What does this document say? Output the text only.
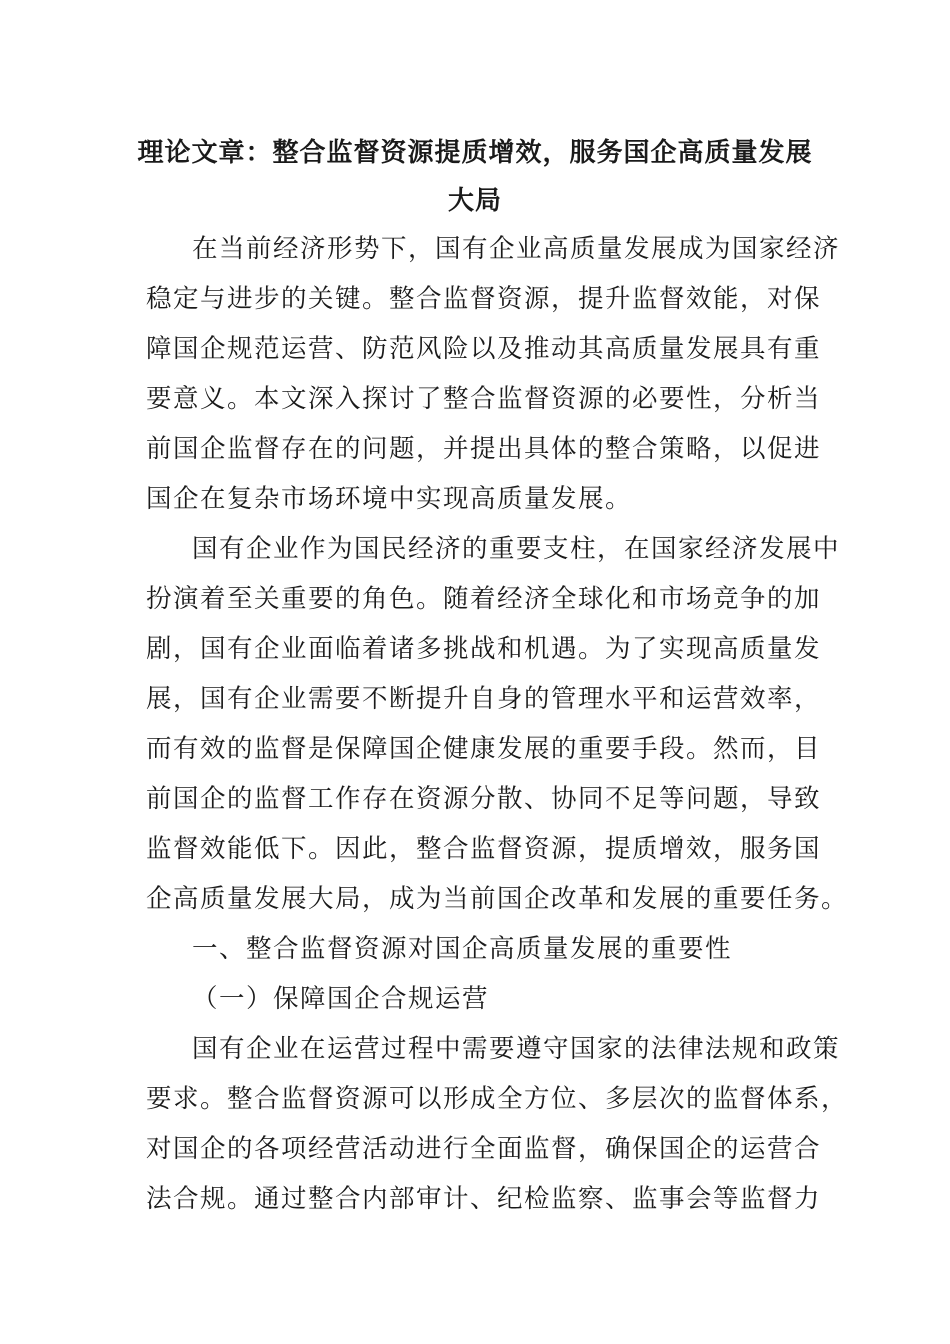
理论文章：整合监督资源提质增效，服务国企高质量发展
大局
在当前经济形势下，国有企业高质量发展成为国家经济
稳定与进步的关键。整合监督资源，提升监督效能，对保
障国企规范运营、防范风险以及推动其高质量发展具有重
要意义。本文深入探讨了整合监督资源的必要性，分析当
前国企监督存在的问题，并提出具体的整合策略，以促进
国企在复杂市场环境中实现高质量发展。
国有企业作为国民经济的重要支柱，在国家经济发展中
扮演着至关重要的角色。随着经济全球化和市场竞争的加
剧，国有企业面临着诸多挑战和机遇。为了实现高质量发
展，国有企业需要不断提升自身的管理水平和运营效率，
而有效的监督是保障国企健康发展的重要手段。然而，目
前国企的监督工作存在资源分散、协同不足等问题，导致
监督效能低下。因此，整合监督资源，提质增效，服务国
企高质量发展大局，成为当前国企改革和发展的重要任务。
一、整合监督资源对国企高质量发展的重要性
（一）保障国企合规运营
国有企业在运营过程中需要遵守国家的法律法规和政策
要求。整合监督资源可以形成全方位、多层次的监督体系，
对国企的各项经营活动进行全面监督，确保国企的运营合
法合规。通过整合内部审计、纪检监察、监事会等监督力
